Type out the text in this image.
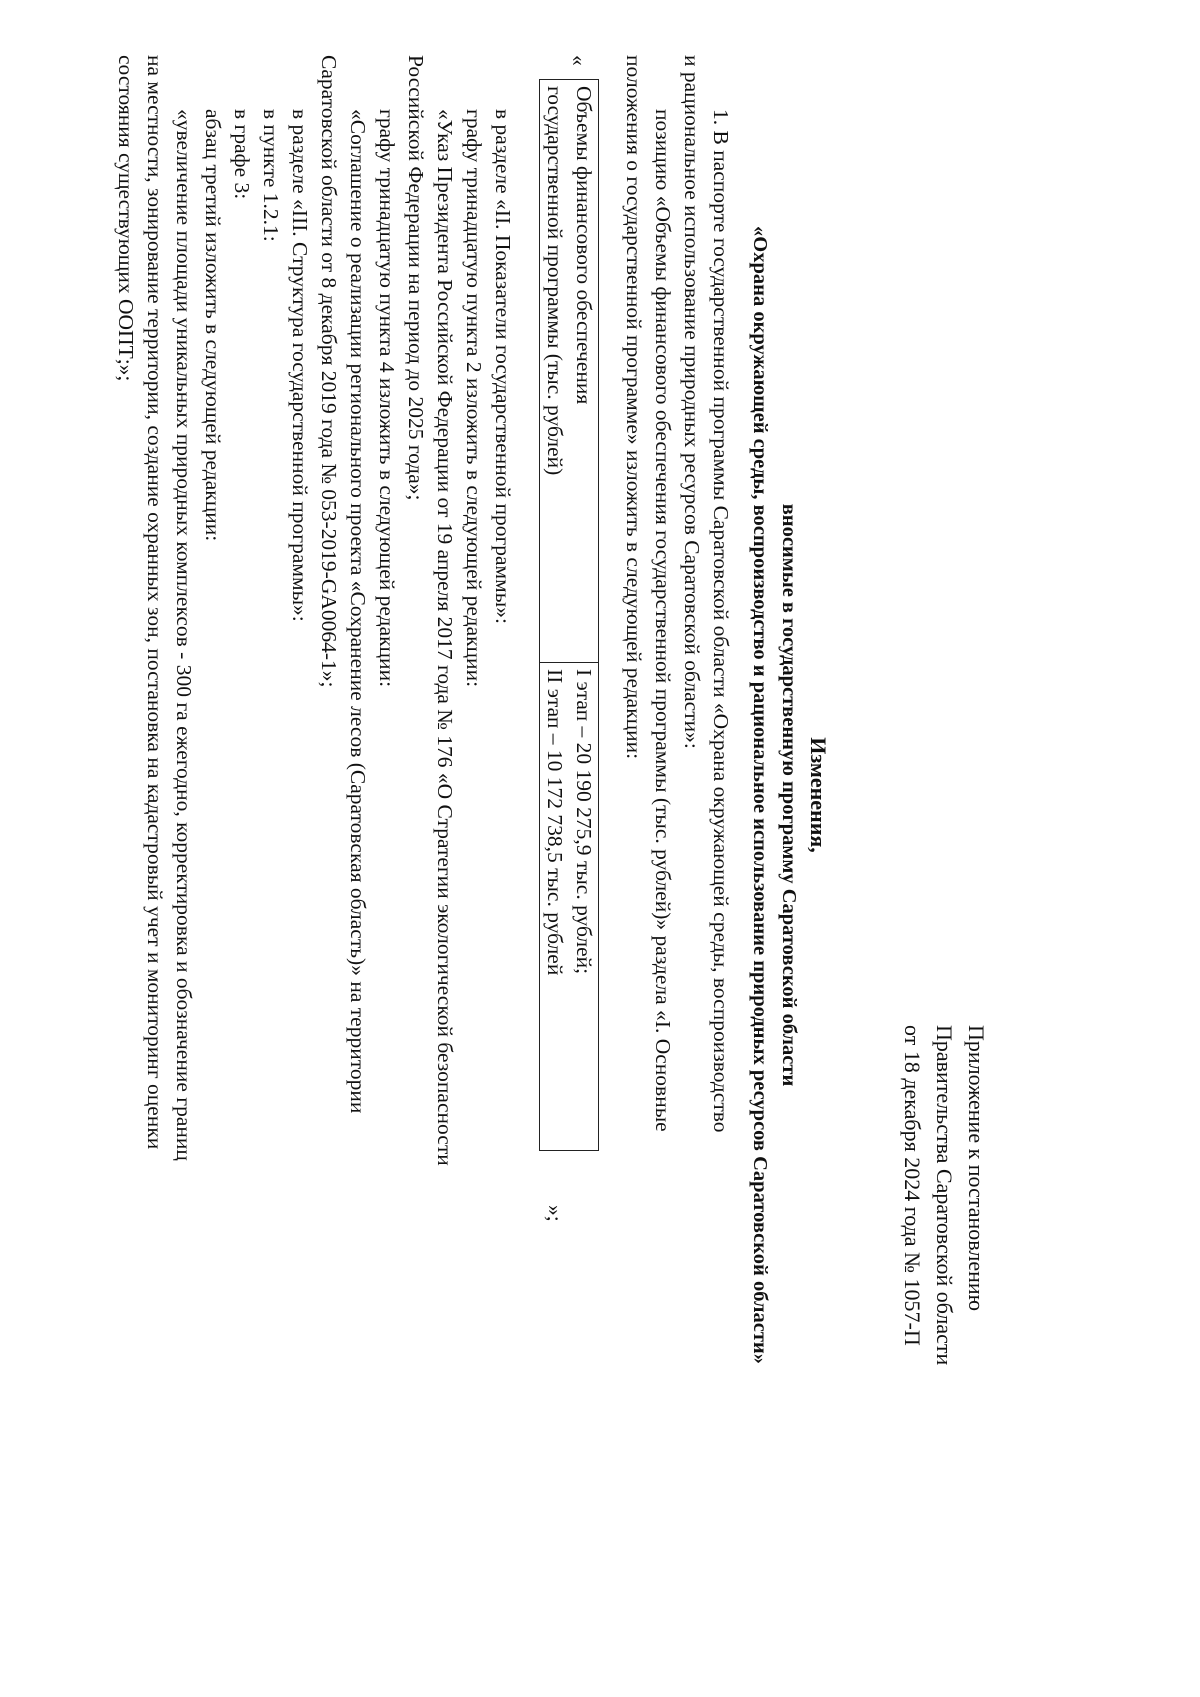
Приложение к постановлению
Правительства Саратовской области
от 18 декабря 2024 года № 1057-П
Изменения,
вносимые в государственную программу Саратовской области
«Охрана окружающей среды, воспроизводство и рациональное использование природных ресурсов Саратовской области»

1. В паспорте государственной программы Саратовской области «Охрана окружающей среды, воспроизводство

и рациональное использование природных ресурсов Саратовской области»:

позицию «Объемы финансового обеспечения государственной программы (тыс. рублей)» раздела «I. Основные

положения о государственной программе» изложить в следующей редакции:

«
Объемы финансового обеспечения
государственной программы (тыс. рублей)

I этап – 20 190 275,9 тыс. рублей;
II этап – 10 172 738,5 тыс. рублей
»;

в разделе «II. Показатели государственной программы»:

графу тринадцатую пункта 2 изложить в следующей редакции:

«Указ Президента Российской Федерации от 19 апреля 2017 года № 176 «О Стратегии экологической безопасности

Российской Федерации на период до 2025 года»;

графу тринадцатую пункта 4 изложить в следующей редакции:

«Соглашение о реализации регионального проекта «Сохранение лесов (Саратовская область)» на территории

Саратовской области от 8 декабря 2019 года № 053-2019-GA0064-1»;

в разделе «III. Структура государственной программы»:

в пункте 1.2.1:

в графе 3:

абзац третий изложить в следующей редакции:

«увеличение площади уникальных природных комплексов - 300 га ежегодно, корректировка и обозначение границ

на местности, зонирование территории, создание охранных зон, постановка на кадастровый учет и мониторинг оценки

состояния существующих ООПТ;»;
